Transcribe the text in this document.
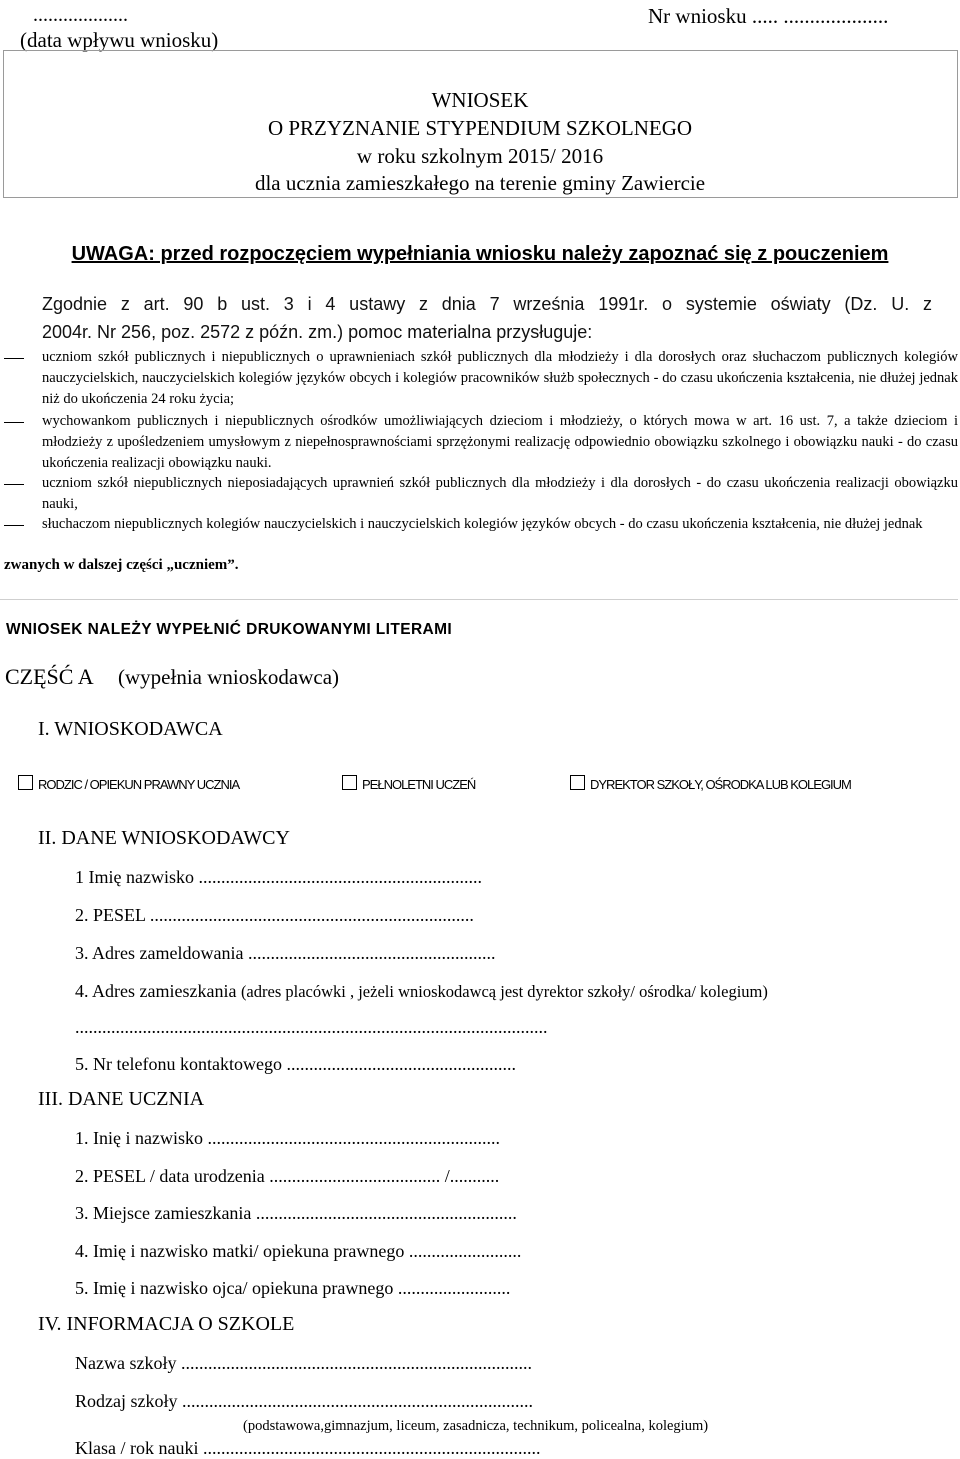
...................
(data wpływu wniosku)
Nr wniosku ..... ....................
WNIOSEK
O PRZYZNANIE STYPENDIUM SZKOLNEGO
w roku szkolnym 2015/ 2016
dla ucznia zamieszkałego na terenie gminy Zawiercie
UWAGA: przed rozpoczęciem wypełniania wniosku należy zapoznać się z pouczeniem
Zgodnie z art. 90 b ust. 3 i 4 ustawy z dnia 7 września 1991r. o systemie oświaty (Dz. U. z
2004r. Nr 256, poz. 2572 z późn. zm.) pomoc materialna przysługuje:
uczniom szkół publicznych i niepublicznych o uprawnieniach szkół publicznych dla młodzieży i dla dorosłych oraz słuchaczom publicznych kolegiów nauczycielskich, nauczycielskich kolegiów języków obcych i kolegiów pracowników służb społecznych - do czasu ukończenia kształcenia, nie dłużej jednak niż do ukończenia 24 roku życia;
wychowankom publicznych i niepublicznych ośrodków umożliwiających dzieciom i młodzieży, o których mowa w art. 16 ust. 7, a także dzieciom i młodzieży z upośledzeniem umysłowym z niepełnosprawnościami sprzężonymi realizację odpowiednio obowiązku szkolnego i obowiązku nauki - do czasu ukończenia realizacji obowiązku nauki.
uczniom szkół niepublicznych nieposiadających uprawnień szkół publicznych dla młodzieży i dla dorosłych - do czasu ukończenia realizacji obowiązku nauki,
słuchaczom niepublicznych kolegiów nauczycielskich i nauczycielskich kolegiów języków obcych - do czasu ukończenia kształcenia, nie dłużej jednak
zwanych w dalszej części „uczniem”.
WNIOSEK NALEŻY WYPEŁNIĆ DRUKOWANYMI LITERAMI
CZĘŚĆ A (wypełnia wnioskodawca)
I. WNIOSKODAWCA
RODZIC / OPIEKUN PRAWNY UCZNIA	PEŁNOLETNI UCZEŃ	DYREKTOR SZKOŁY, OŚRODKA LUB KOLEGIUM
II. DANE WNIOSKODAWCY
1 Imię nazwisko ...............................................................
2. PESEL ........................................................................
3. Adres zameldowania .......................................................
4. Adres zamieszkania (adres placówki , jeżeli wnioskodawcą jest dyrektor szkoły/ ośrodka/ kolegium)
.........................................................................................................
5. Nr telefonu kontaktowego ...................................................
III. DANE UCZNIA
1. Inię i nazwisko .................................................................
2. PESEL / data urodzenia ...................................... /...........
3. Miejsce zamieszkania ..........................................................
4. Imię i nazwisko matki/ opiekuna prawnego .........................
5. Imię i nazwisko ojca/ opiekuna prawnego .........................
IV. INFORMACJA O SZKOLE
Nazwa szkoły ..............................................................................
Rodzaj szkoły ..............................................................................
(podstawowa,gimnazjum, liceum, zasadnicza, technikum, policealna, kolegium)
Klasa / rok nauki ...........................................................................
